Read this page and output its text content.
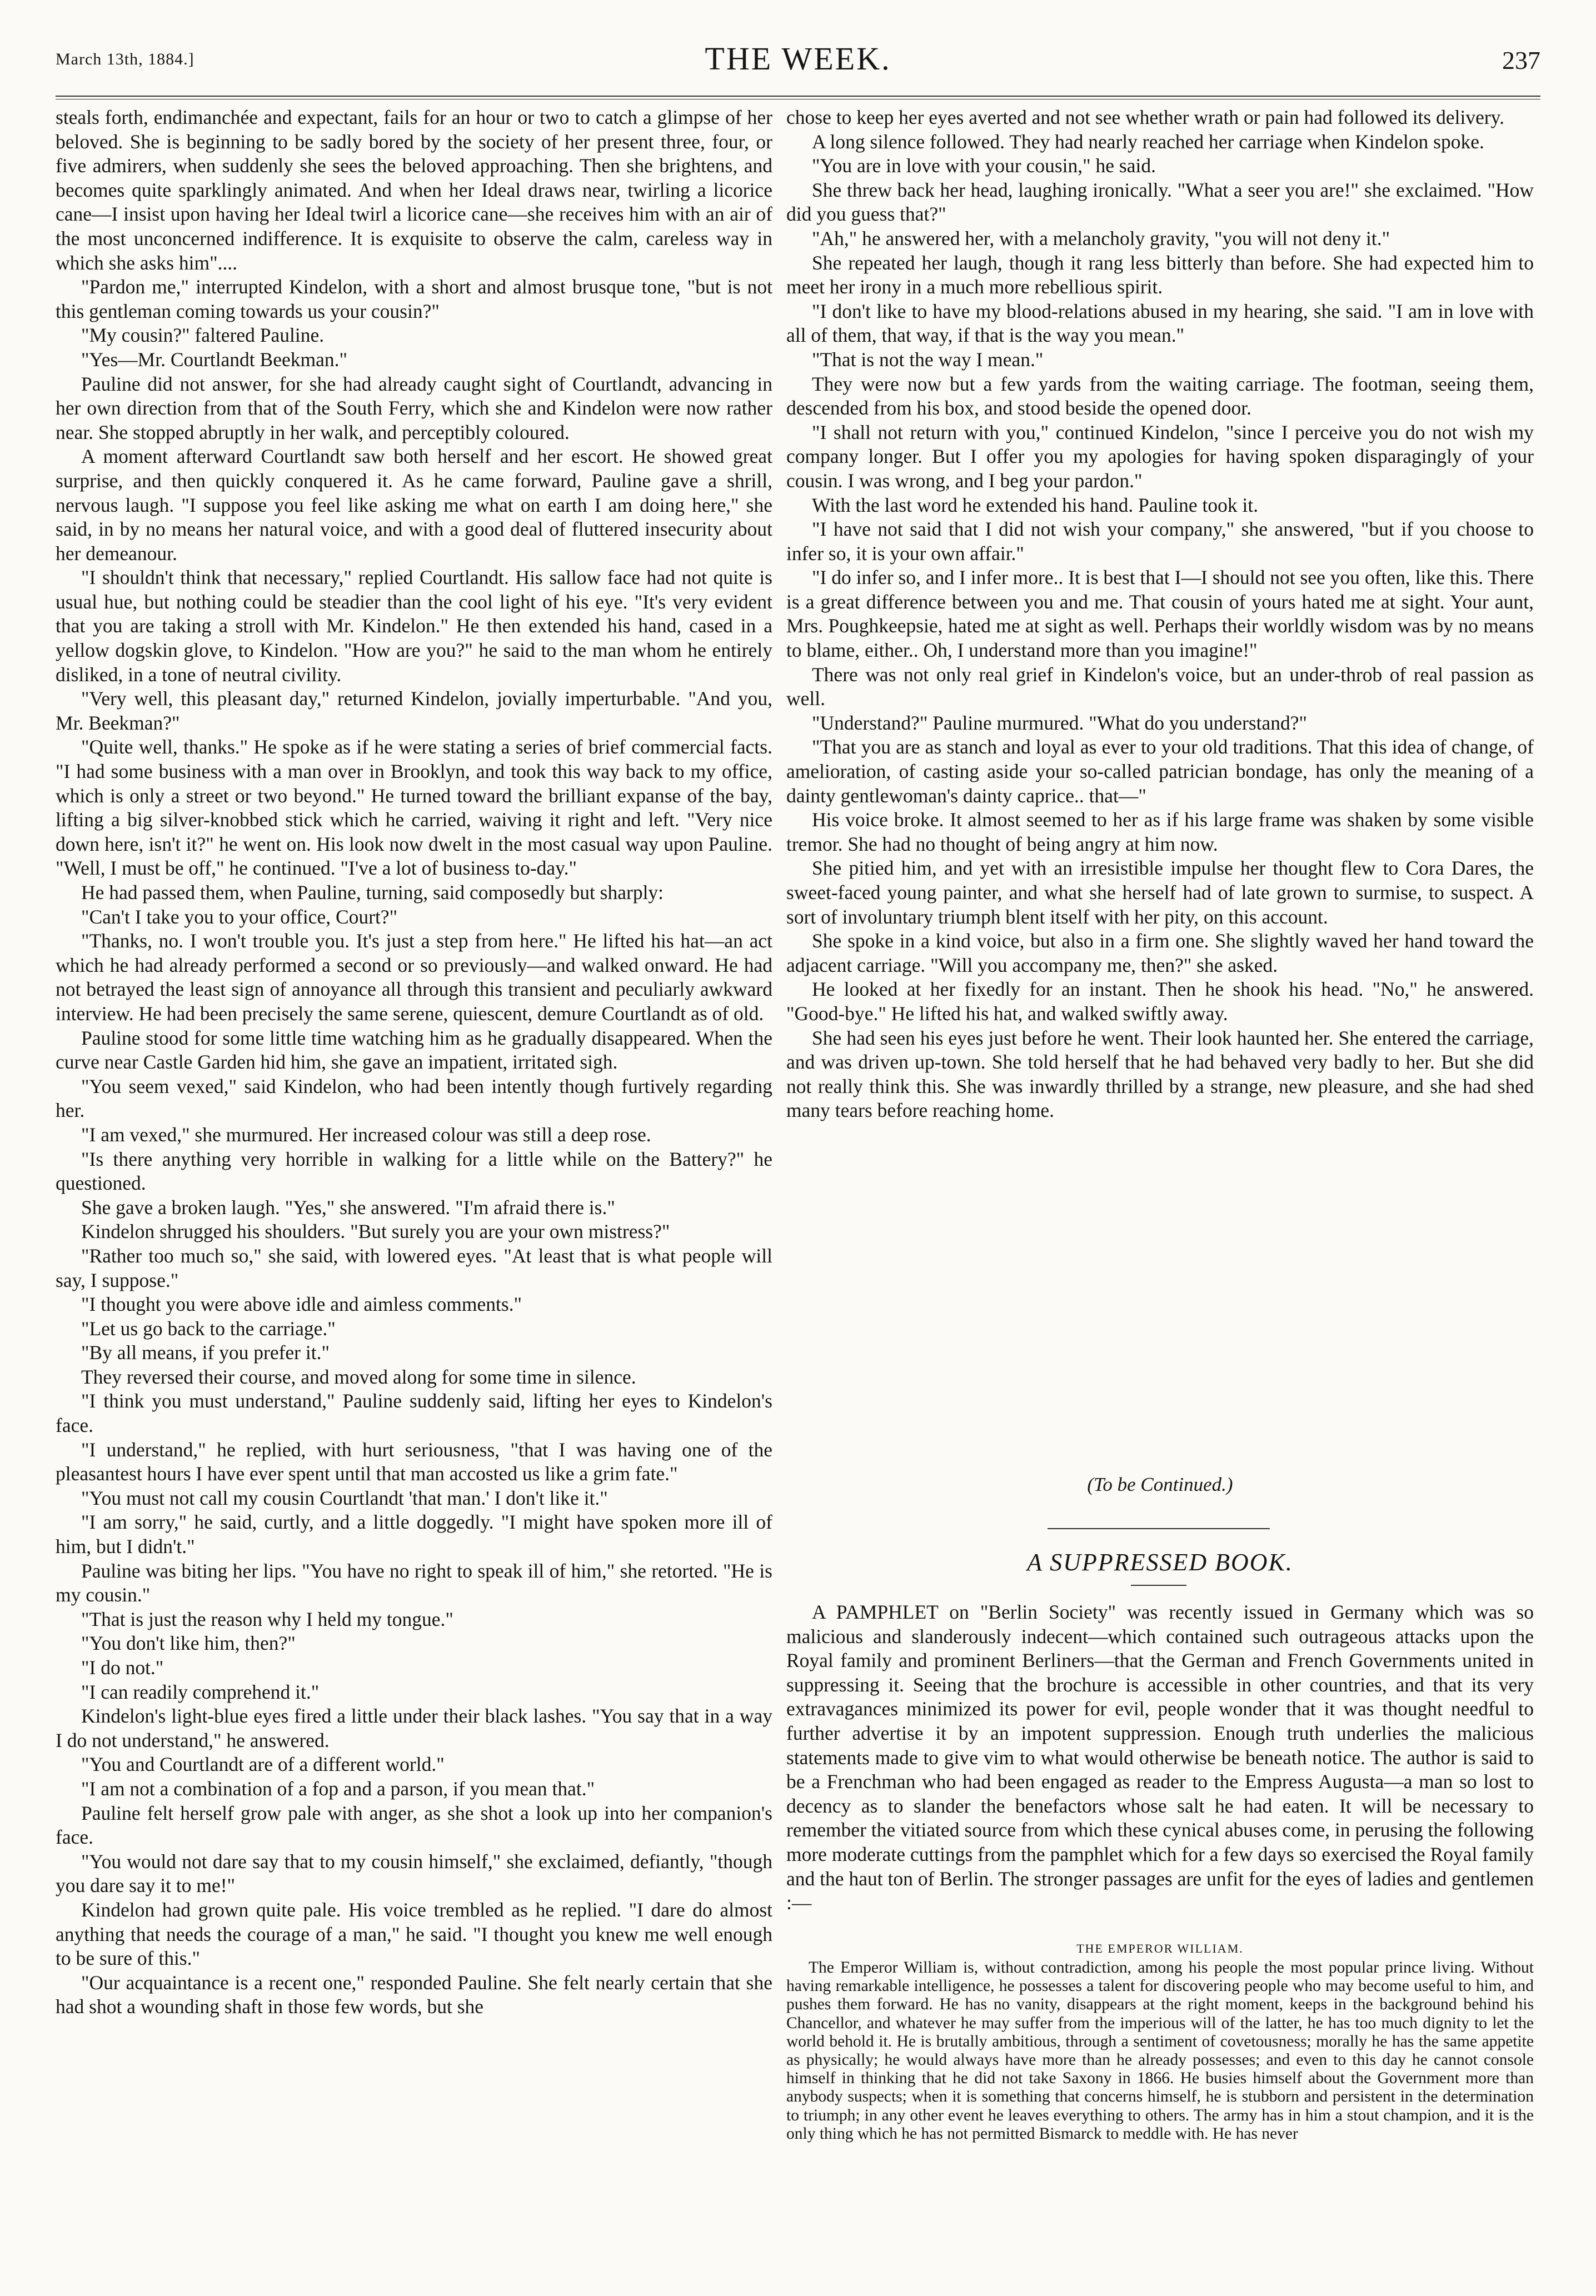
March 13th, 1884.]	THE WEEK.	237

steals forth, endimanchée and expectant, fails for an hour or two to catch a glimpse of her beloved. She is beginning to be sadly bored by the society of her present three, four, or five admirers, when suddenly she sees the beloved approaching. Then she brightens, and becomes quite sparklingly animated. And when her Ideal draws near, twirling a licorice cane—I insist upon having her Ideal twirl a licorice cane—she receives him with an air of the most unconcerned indifference. It is exquisite to observe the calm, careless way in which she asks him"....

"Pardon me," interrupted Kindelon, with a short and almost brusque tone, "but is not this gentleman coming towards us your cousin?"

"My cousin?" faltered Pauline.

"Yes—Mr. Courtlandt Beekman."

Pauline did not answer, for she had already caught sight of Courtlandt, advancing in her own direction from that of the South Ferry, which she and Kindelon were now rather near. She stopped abruptly in her walk, and perceptibly coloured.

A moment afterward Courtlandt saw both herself and her escort. He showed great surprise, and then quickly conquered it. As he came forward, Pauline gave a shrill, nervous laugh. "I suppose you feel like asking me what on earth I am doing here," she said, in by no means her natural voice, and with a good deal of fluttered insecurity about her demeanour.

"I shouldn't think that necessary," replied Courtlandt. His sallow face had not quite is usual hue, but nothing could be steadier than the cool light of his eye. "It's very evident that you are taking a stroll with Mr. Kindelon." He then extended his hand, cased in a yellow dogskin glove, to Kindelon. "How are you?" he said to the man whom he entirely disliked, in a tone of neutral civility.

"Very well, this pleasant day," returned Kindelon, jovially imperturbable. "And you, Mr. Beekman?"

"Quite well, thanks." He spoke as if he were stating a series of brief commercial facts. "I had some business with a man over in Brooklyn, and took this way back to my office, which is only a street or two beyond." He turned toward the brilliant expanse of the bay, lifting a big silver-knobbed stick which he carried, waiving it right and left. "Very nice down here, isn't it?" he went on. His look now dwelt in the most casual way upon Pauline. "Well, I must be off," he continued. "I've a lot of business to-day."

He had passed them, when Pauline, turning, said composedly but sharply:

"Can't I take you to your office, Court?"

"Thanks, no. I won't trouble you. It's just a step from here." He lifted his hat—an act which he had already performed a second or so previously—and walked onward. He had not betrayed the least sign of annoyance all through this transient and peculiarly awkward interview. He had been precisely the same serene, quiescent, demure Courtlandt as of old.

Pauline stood for some little time watching him as he gradually disappeared. When the curve near Castle Garden hid him, she gave an impatient, irritated sigh.

"You seem vexed," said Kindelon, who had been intently though furtively regarding her.

"I am vexed," she murmured. Her increased colour was still a deep rose.

"Is there anything very horrible in walking for a little while on the Battery?" he questioned.

She gave a broken laugh. "Yes," she answered. "I'm afraid there is."

Kindelon shrugged his shoulders. "But surely you are your own mistress?"

"Rather too much so," she said, with lowered eyes. "At least that is what people will say, I suppose."

"I thought you were above idle and aimless comments."

"Let us go back to the carriage."

"By all means, if you prefer it."

They reversed their course, and moved along for some time in silence.

"I think you must understand," Pauline suddenly said, lifting her eyes to Kindelon's face.

"I understand," he replied, with hurt seriousness, "that I was having one of the pleasantest hours I have ever spent until that man accosted us like a grim fate."

"You must not call my cousin Courtlandt 'that man.' I don't like it."

"I am sorry," he said, curtly, and a little doggedly. "I might have spoken more ill of him, but I didn't."

Pauline was biting her lips. "You have no right to speak ill of him," she retorted. "He is my cousin."

"That is just the reason why I held my tongue."

"You don't like him, then?"

"I do not."

"I can readily comprehend it."

Kindelon's light-blue eyes fired a little under their black lashes. "You say that in a way I do not understand," he answered.

"You and Courtlandt are of a different world."

"I am not a combination of a fop and a parson, if you mean that."

Pauline felt herself grow pale with anger, as she shot a look up into her companion's face.

"You would not dare say that to my cousin himself," she exclaimed, defiantly, "though you dare say it to me!"

Kindelon had grown quite pale. His voice trembled as he replied. "I dare do almost anything that needs the courage of a man," he said. "I thought you knew me well enough to be sure of this."

"Our acquaintance is a recent one," responded Pauline. She felt nearly certain that she had shot a wounding shaft in those few words, but she

chose to keep her eyes averted and not see whether wrath or pain had followed its delivery.

A long silence followed. They had nearly reached her carriage when Kindelon spoke.

"You are in love with your cousin," he said.

She threw back her head, laughing ironically. "What a seer you are!" she exclaimed. "How did you guess that?"

"Ah," he answered her, with a melancholy gravity, "you will not deny it."

She repeated her laugh, though it rang less bitterly than before. She had expected him to meet her irony in a much more rebellious spirit.

"I don't like to have my blood-relations abused in my hearing, she said. "I am in love with all of them, that way, if that is the way you mean."

"That is not the way I mean."

They were now but a few yards from the waiting carriage. The footman, seeing them, descended from his box, and stood beside the opened door.

"I shall not return with you," continued Kindelon, "since I perceive you do not wish my company longer. But I offer you my apologies for having spoken disparagingly of your cousin. I was wrong, and I beg your pardon."

With the last word he extended his hand. Pauline took it.

"I have not said that I did not wish your company," she answered, "but if you choose to infer so, it is your own affair."

"I do infer so, and I infer more.. It is best that I—I should not see you often, like this. There is a great difference between you and me. That cousin of yours hated me at sight. Your aunt, Mrs. Poughkeepsie, hated me at sight as well. Perhaps their worldly wisdom was by no means to blame, either.. Oh, I understand more than you imagine!"

There was not only real grief in Kindelon's voice, but an under-throb of real passion as well.

"Understand?" Pauline murmured. "What do you understand?"

"That you are as stanch and loyal as ever to your old traditions. That this idea of change, of amelioration, of casting aside your so-called patrician bondage, has only the meaning of a dainty gentlewoman's dainty caprice.. that—"

His voice broke. It almost seemed to her as if his large frame was shaken by some visible tremor. She had no thought of being angry at him now.

She pitied him, and yet with an irresistible impulse her thought flew to Cora Dares, the sweet-faced young painter, and what she herself had of late grown to surmise, to suspect. A sort of involuntary triumph blent itself with her pity, on this account.

She spoke in a kind voice, but also in a firm one. She slightly waved her hand toward the adjacent carriage. "Will you accompany me, then?" she asked.

He looked at her fixedly for an instant. Then he shook his head. "No," he answered. "Good-bye." He lifted his hat, and walked swiftly away.

She had seen his eyes just before he went. Their look haunted her. She entered the carriage, and was driven up-town. She told herself that he had behaved very badly to her. But she did not really think this. She was inwardly thrilled by a strange, new pleasure, and she had shed many tears before reaching home.

(To be Continued.)
A SUPPRESSED BOOK.

A PAMPHLET on "Berlin Society" was recently issued in Germany which was so malicious and slanderously indecent—which contained such outrageous attacks upon the Royal family and prominent Berliners—that the German and French Governments united in suppressing it. Seeing that the brochure is accessible in other countries, and that its very extravagances minimized its power for evil, people wonder that it was thought needful to further advertise it by an impotent suppression. Enough truth underlies the malicious statements made to give vim to what would otherwise be beneath notice. The author is said to be a Frenchman who had been engaged as reader to the Empress Augusta—a man so lost to decency as to slander the benefactors whose salt he had eaten. It will be necessary to remember the vitiated source from which these cynical abuses come, in perusing the following more moderate cuttings from the pamphlet which for a few days so exercised the Royal family and the haut ton of Berlin. The stronger passages are unfit for the eyes of ladies and gentlemen :—

THE EMPEROR WILLIAM.

The Emperor William is, without contradiction, among his people the most popular prince living. Without having remarkable intelligence, he possesses a talent for discovering people who may become useful to him, and pushes them forward. He has no vanity, disappears at the right moment, keeps in the background behind his Chancellor, and whatever he may suffer from the imperious will of the latter, he has too much dignity to let the world behold it. He is brutally ambitious, through a sentiment of covetousness; morally he has the same appetite as physically; he would always have more than he already possesses; and even to this day he cannot console himself in thinking that he did not take Saxony in 1866. He busies himself about the Government more than anybody suspects; when it is something that concerns himself, he is stubborn and persistent in the determination to triumph; in any other event he leaves everything to others. The army has in him a stout champion, and it is the only thing which he has not permitted Bismarck to meddle with. He has never
